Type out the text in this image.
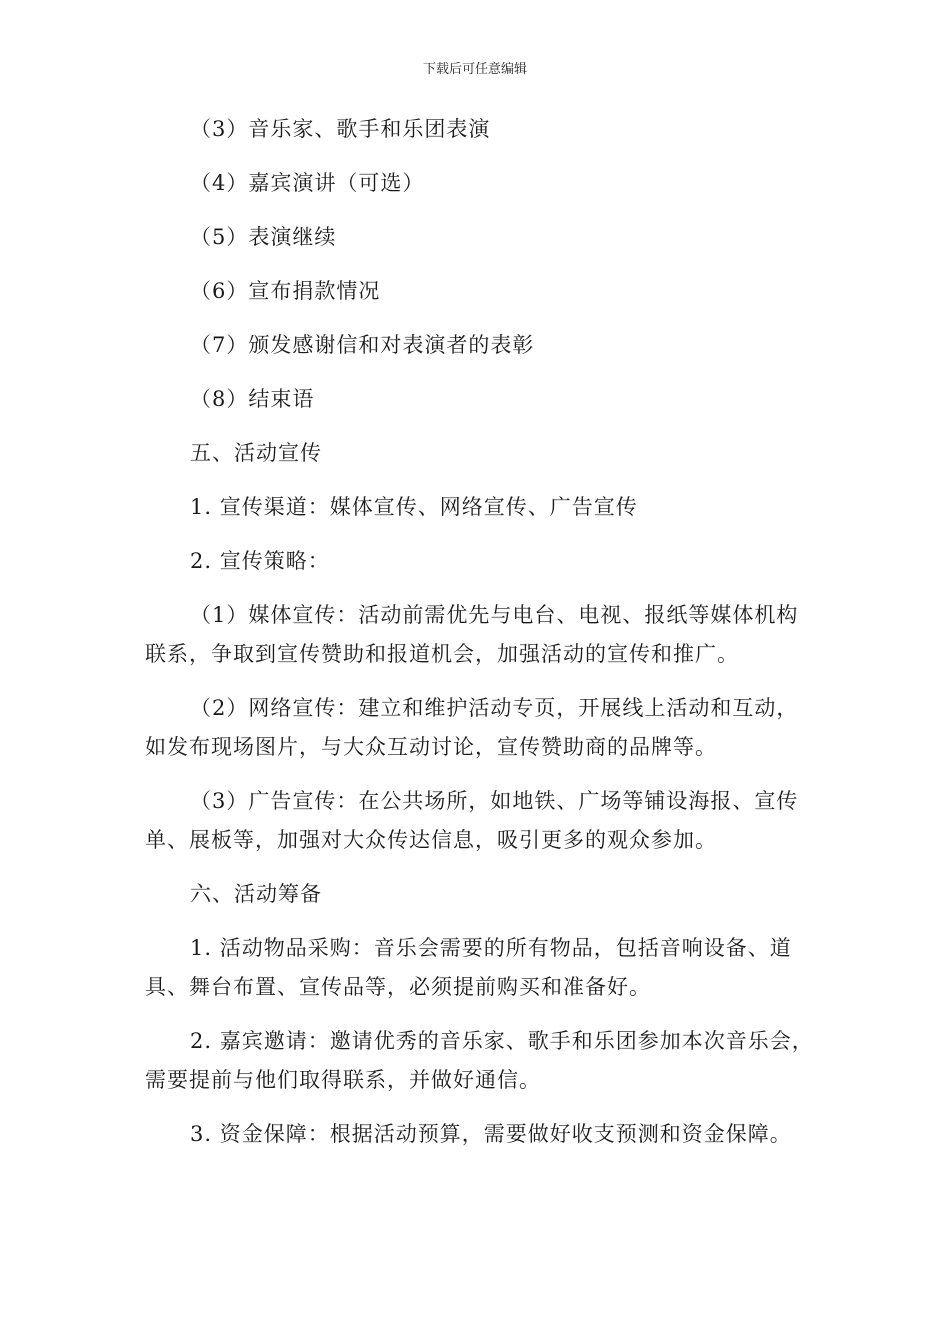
下载后可任意编辑

（3）音乐家、歌手和乐团表演

（4）嘉宾演讲（可选）

（5）表演继续

（6）宣布捐款情况

（7）颁发感谢信和对表演者的表彰

（8）结束语

五、活动宣传

1. 宣传渠道：媒体宣传、网络宣传、广告宣传

2. 宣传策略：

（1）媒体宣传：活动前需优先与电台、电视、报纸等媒体机构联系，争取到宣传赞助和报道机会，加强活动的宣传和推广。

（2）网络宣传：建立和维护活动专页，开展线上活动和互动，如发布现场图片，与大众互动讨论，宣传赞助商的品牌等。

（3）广告宣传：在公共场所，如地铁、广场等铺设海报、宣传单、展板等，加强对大众传达信息，吸引更多的观众参加。

六、活动筹备

1. 活动物品采购：音乐会需要的所有物品，包括音响设备、道具、舞台布置、宣传品等，必须提前购买和准备好。

2. 嘉宾邀请：邀请优秀的音乐家、歌手和乐团参加本次音乐会，需要提前与他们取得联系，并做好通信。

3. 资金保障：根据活动预算，需要做好收支预测和资金保障。
